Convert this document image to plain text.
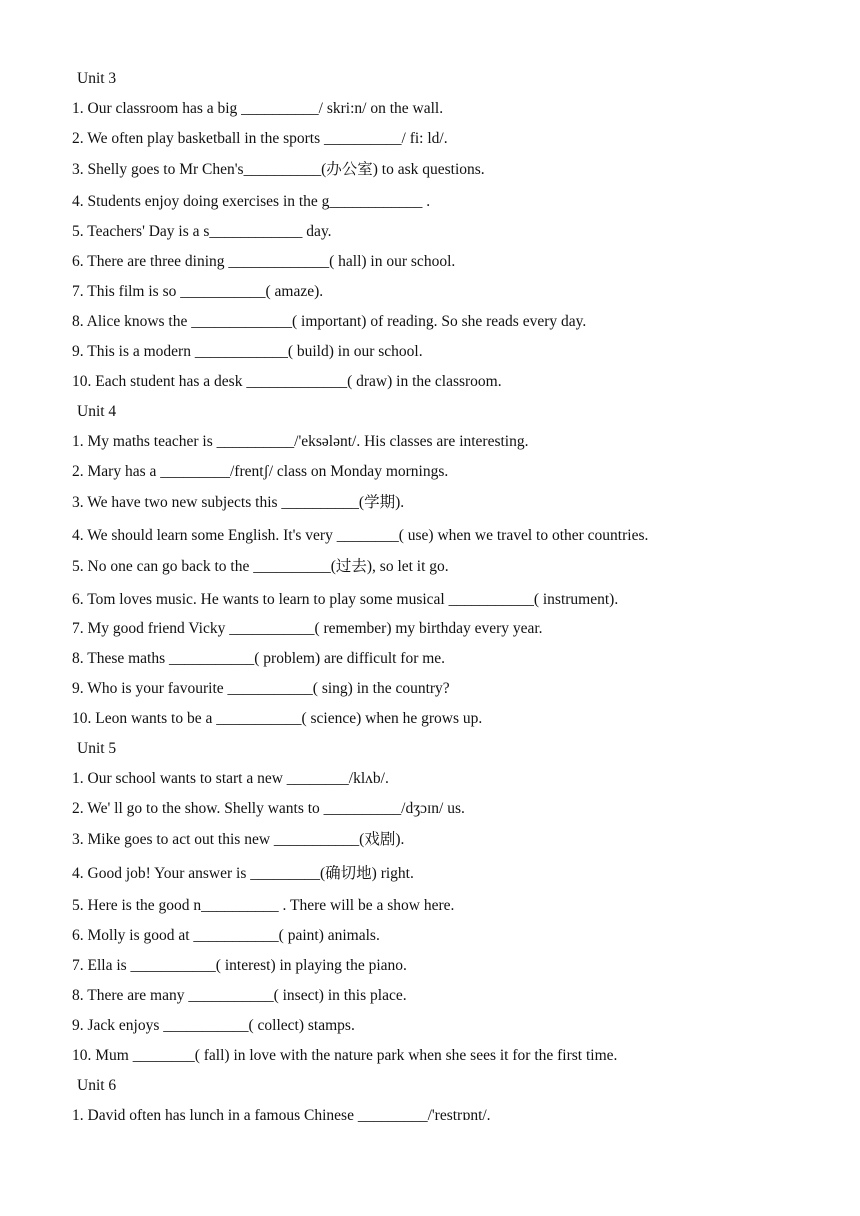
Unit 3
1. Our classroom has a big __________/ skri:n/ on the wall.
2. We often play basketball in the sports __________/ fi: ld/.
3. Shelly goes to Mr Chen's__________(办公室) to ask questions.
4. Students enjoy doing exercises in the g____________ .
5. Teachers' Day is a s____________ day.
6. There are three dining _____________( hall) in our school.
7. This film is so ___________( amaze).
8. Alice knows the _____________( important) of reading. So she reads every day.
9. This is a modern ____________( build) in our school.
10. Each student has a desk _____________( draw) in the classroom.
Unit 4
1. My maths teacher is __________/'eksələnt/. His classes are interesting.
2. Mary has a _________/frentʃ/ class on Monday mornings.
3. We have two new subjects this __________(学期).
4. We should learn some English. It's very ________( use) when we travel to other countries.
5. No one can go back to the __________(过去), so let it go.
6. Tom loves music. He wants to learn to play some musical ___________( instrument).
7. My good friend Vicky ___________( remember) my birthday every year.
8. These maths ___________( problem) are difficult for me.
9. Who is your favourite ___________( sing) in the country?
10. Leon wants to be a ___________( science) when he grows up.
Unit 5
1. Our school wants to start a new ________/klʌb/.
2. We' ll go to the show. Shelly wants to __________/dʒɔɪn/ us.
3. Mike goes to act out this new ___________(戏剧).
4. Good job! Your answer is _________(确切地) right.
5. Here is the good n__________ . There will be a show here.
6. Molly is good at ___________( paint) animals.
7. Ella is ___________( interest) in playing the piano.
8. There are many ___________( insect) in this place.
9. Jack enjoys ___________( collect) stamps.
10. Mum ________( fall) in love with the nature park when she sees it for the first time.
Unit 6
1. David often has lunch in a famous Chinese _________/'restrɒnt/.
